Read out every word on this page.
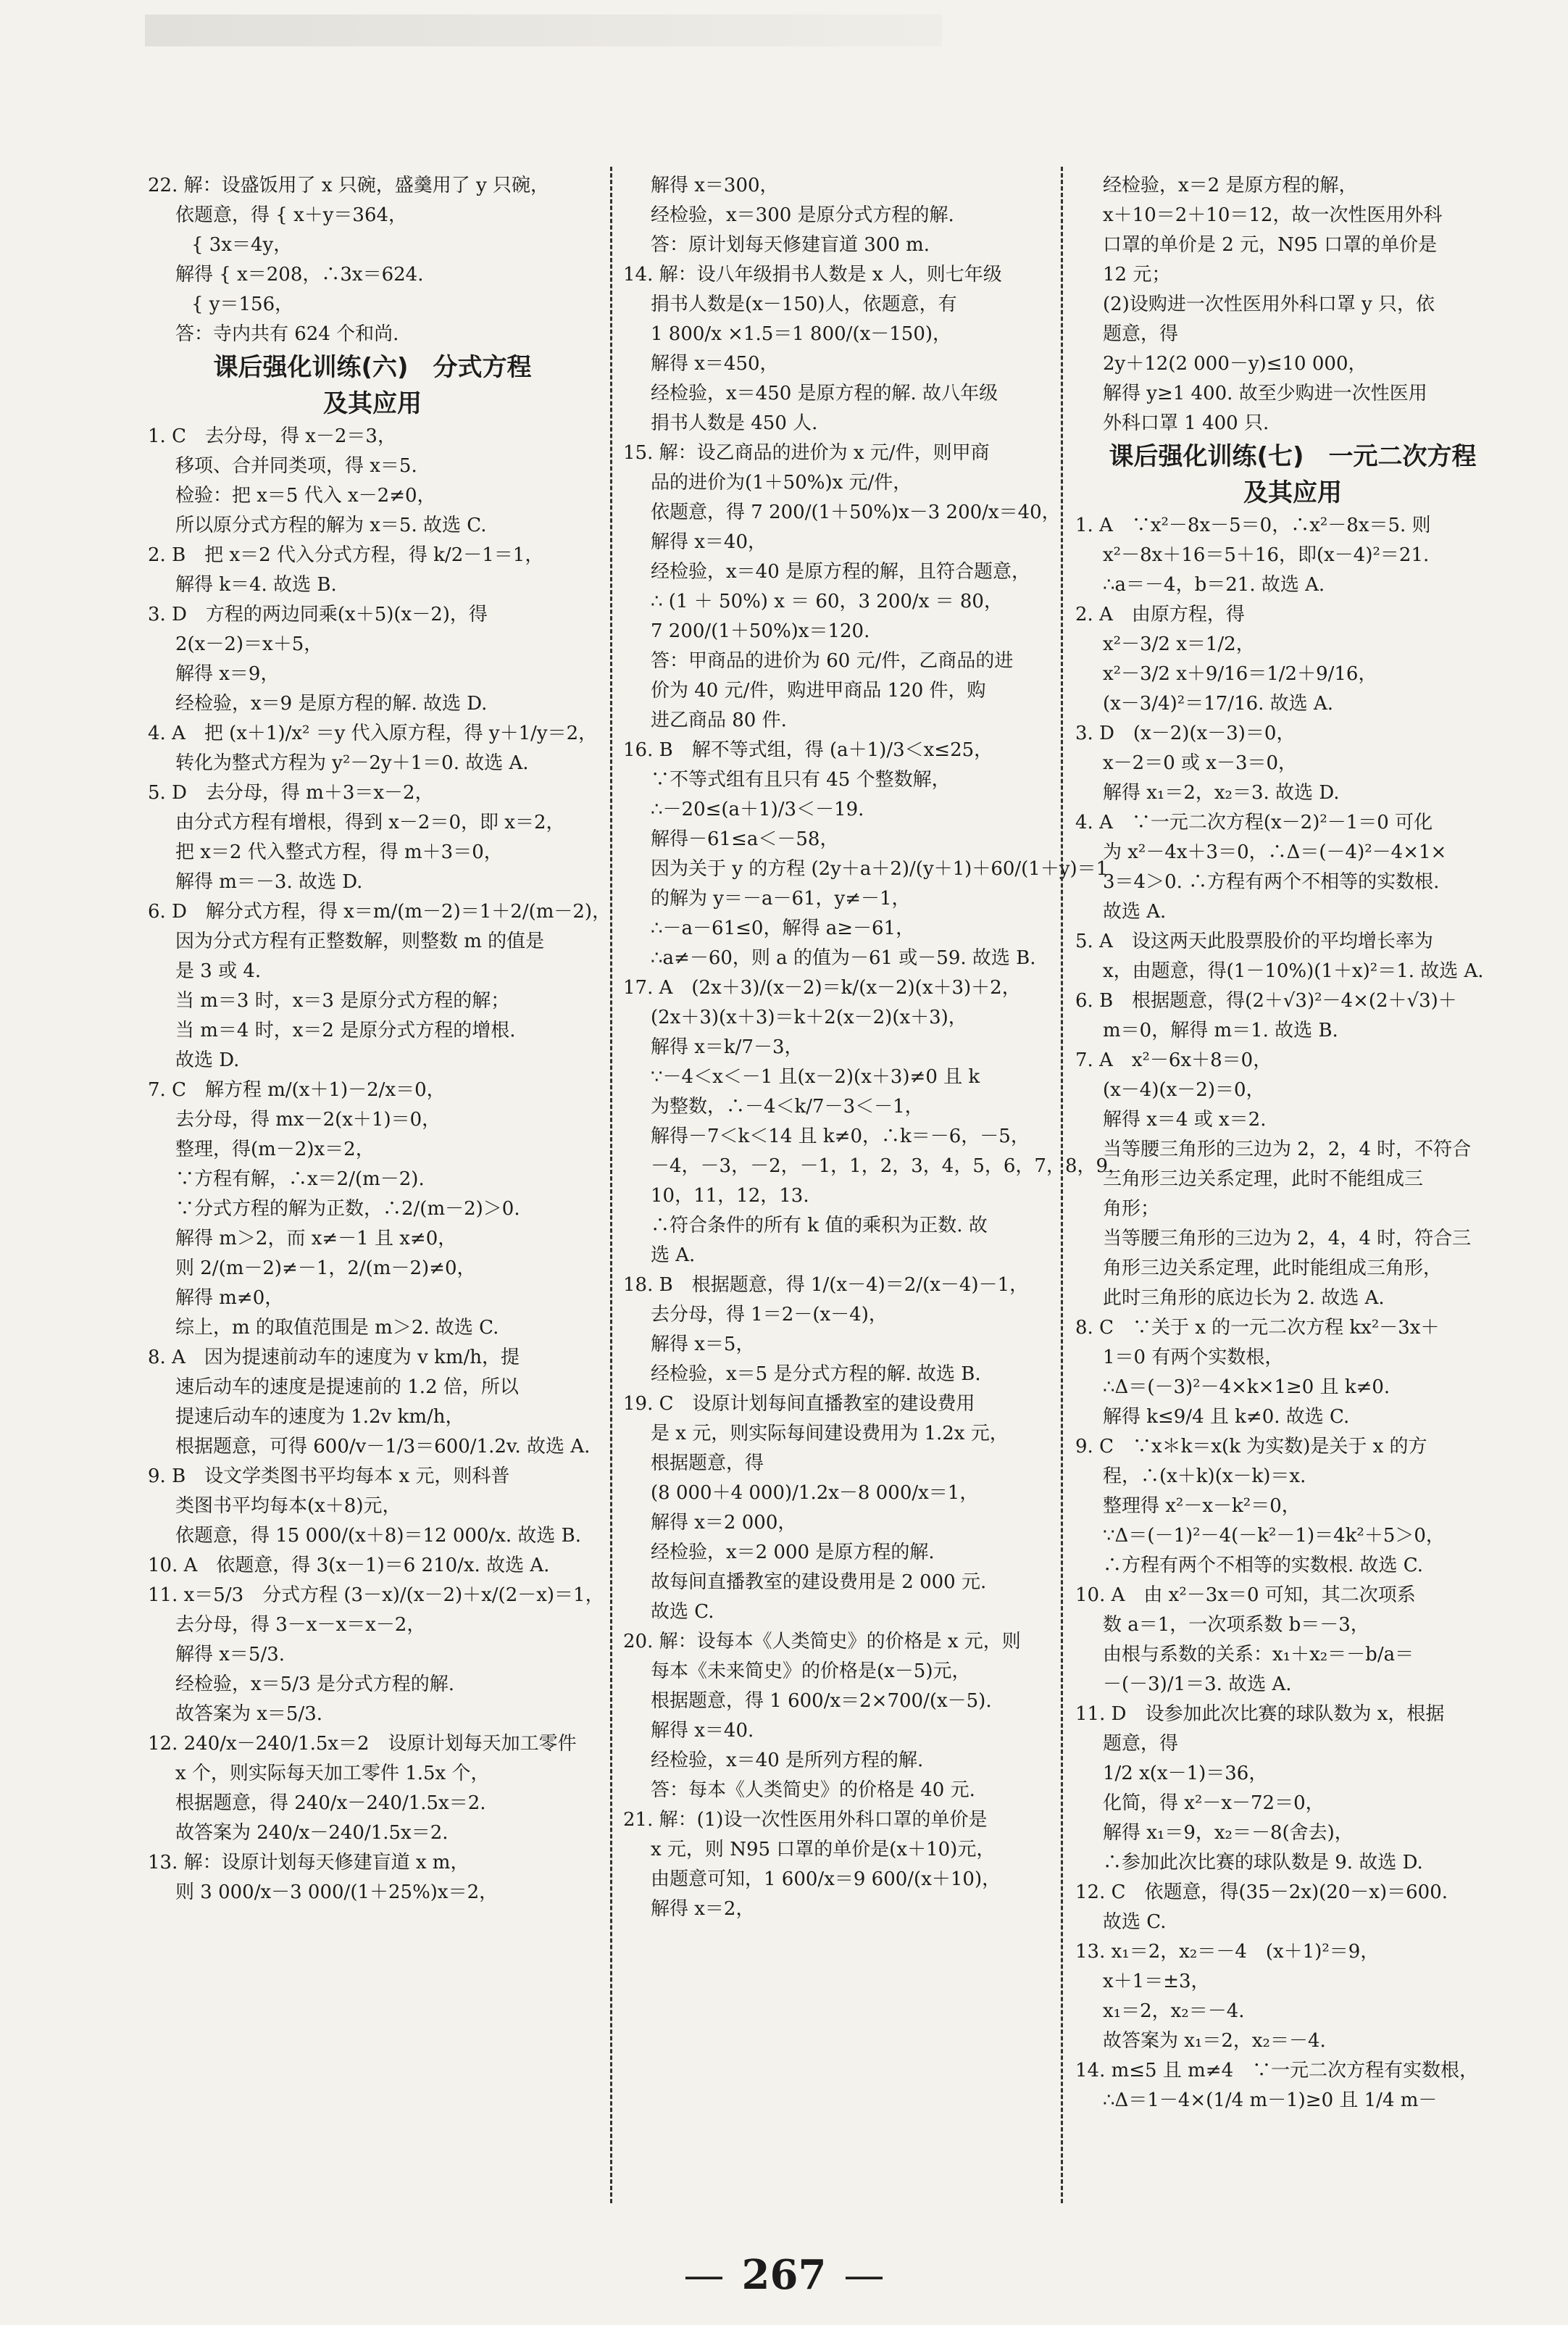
22. 解：设盛饭用了 x 只碗，盛羹用了 y 只碗，
依题意，得 { x＋y＝364，
{ 3x＝4y，
解得 { x＝208，∴3x＝624.
{ y＝156，
答：寺内共有 624 个和尚.
课后强化训练(六)　分式方程
及其应用
1. C　去分母，得 x－2＝3，
移项、合并同类项，得 x＝5.
检验：把 x＝5 代入 x－2≠0，
所以原分式方程的解为 x＝5. 故选 C.
2. B　把 x＝2 代入分式方程，得 k/2－1＝1，
解得 k＝4. 故选 B.
3. D　方程的两边同乘(x＋5)(x－2)，得
2(x－2)＝x＋5，
解得 x＝9，
经检验，x＝9 是原方程的解. 故选 D.
4. A　把 (x＋1)/x² ＝y 代入原方程，得 y＋1/y＝2，
转化为整式方程为 y²－2y＋1＝0. 故选 A.
5. D　去分母，得 m＋3＝x－2，
由分式方程有增根，得到 x－2＝0，即 x＝2，
把 x＝2 代入整式方程，得 m＋3＝0，
解得 m＝－3. 故选 D.
6. D　解分式方程，得 x＝m/(m－2)＝1＋2/(m－2)，
因为分式方程有正整数解，则整数 m 的值是
是 3 或 4.
当 m＝3 时，x＝3 是原分式方程的解；
当 m＝4 时，x＝2 是原分式方程的增根.
故选 D.
7. C　解方程 m/(x＋1)－2/x＝0，
去分母，得 mx－2(x＋1)＝0，
整理，得(m－2)x＝2，
∵方程有解，∴x＝2/(m－2).
∵分式方程的解为正数，∴2/(m－2)＞0.
解得 m＞2，而 x≠－1 且 x≠0，
则 2/(m－2)≠－1，2/(m－2)≠0，
解得 m≠0，
综上，m 的取值范围是 m＞2. 故选 C.
8. A　因为提速前动车的速度为 v km/h，提
速后动车的速度是提速前的 1.2 倍，所以
提速后动车的速度为 1.2v km/h，
根据题意，可得 600/v－1/3＝600/1.2v. 故选 A.
9. B　设文学类图书平均每本 x 元，则科普
类图书平均每本(x＋8)元，
依题意，得 15 000/(x＋8)＝12 000/x. 故选 B.
10. A　依题意，得 3(x－1)＝6 210/x. 故选 A.
11. x＝5/3　分式方程 (3－x)/(x－2)＋x/(2－x)＝1，
去分母，得 3－x－x＝x－2，
解得 x＝5/3.
经检验，x＝5/3 是分式方程的解.
故答案为 x＝5/3.
12. 240/x－240/1.5x＝2　设原计划每天加工零件
x 个，则实际每天加工零件 1.5x 个，
根据题意，得 240/x－240/1.5x＝2.
故答案为 240/x－240/1.5x＝2.
13. 解：设原计划每天修建盲道 x m，
则 3 000/x－3 000/(1＋25%)x＝2，
解得 x＝300，
经检验，x＝300 是原分式方程的解.
答：原计划每天修建盲道 300 m.
14. 解：设八年级捐书人数是 x 人，则七年级
捐书人数是(x－150)人，依题意，有
1 800/x ×1.5＝1 800/(x－150)，
解得 x＝450，
经检验，x＝450 是原方程的解. 故八年级
捐书人数是 450 人.
15. 解：设乙商品的进价为 x 元/件，则甲商
品的进价为(1＋50%)x 元/件，
依题意，得 7 200/(1＋50%)x－3 200/x＝40，
解得 x＝40，
经检验，x＝40 是原方程的解，且符合题意，
∴ (1 ＋ 50%) x ＝ 60，3 200/x ＝ 80，
7 200/(1＋50%)x＝120.
答：甲商品的进价为 60 元/件，乙商品的进
价为 40 元/件，购进甲商品 120 件，购
进乙商品 80 件.
16. B　解不等式组，得 (a＋1)/3＜x≤25，
∵不等式组有且只有 45 个整数解，
∴－20≤(a＋1)/3＜－19.
解得－61≤a＜－58，
因为关于 y 的方程 (2y＋a＋2)/(y＋1)＋60/(1＋y)＝1
的解为 y＝－a－61，y≠－1，
∴－a－61≤0，解得 a≥－61，
∴a≠－60，则 a 的值为－61 或－59. 故选 B.
17. A　(2x＋3)/(x－2)＝k/(x－2)(x＋3)＋2，
(2x＋3)(x＋3)＝k＋2(x－2)(x＋3)，
解得 x＝k/7－3，
∵－4＜x＜－1 且(x－2)(x＋3)≠0 且 k
为整数，∴－4＜k/7－3＜－1，
解得－7＜k＜14 且 k≠0，∴k＝－6，－5，
－4，－3，－2，－1，1，2，3，4，5，6，7，8，9，
10，11，12，13.
∴符合条件的所有 k 值的乘积为正数. 故
选 A.
18. B　根据题意，得 1/(x－4)＝2/(x－4)－1，
去分母，得 1＝2－(x－4)，
解得 x＝5，
经检验，x＝5 是分式方程的解. 故选 B.
19. C　设原计划每间直播教室的建设费用
是 x 元，则实际每间建设费用为 1.2x 元，
根据题意，得
(8 000＋4 000)/1.2x－8 000/x＝1，
解得 x＝2 000，
经检验，x＝2 000 是原方程的解.
故每间直播教室的建设费用是 2 000 元.
故选 C.
20. 解：设每本《人类简史》的价格是 x 元，则
每本《未来简史》的价格是(x－5)元，
根据题意，得 1 600/x＝2×700/(x－5).
解得 x＝40.
经检验，x＝40 是所列方程的解.
答：每本《人类简史》的价格是 40 元.
21. 解：(1)设一次性医用外科口罩的单价是
x 元，则 N95 口罩的单价是(x＋10)元，
由题意可知，1 600/x＝9 600/(x＋10)，
解得 x＝2，
经检验，x＝2 是原方程的解，
x＋10＝2＋10＝12，故一次性医用外科
口罩的单价是 2 元，N95 口罩的单价是
12 元；
(2)设购进一次性医用外科口罩 y 只，依
题意，得
2y＋12(2 000－y)≤10 000，
解得 y≥1 400. 故至少购进一次性医用
外科口罩 1 400 只.
课后强化训练(七)　一元二次方程
及其应用
1. A　∵x²－8x－5＝0，∴x²－8x＝5. 则
x²－8x＋16＝5＋16，即(x－4)²＝21.
∴a＝－4，b＝21. 故选 A.
2. A　由原方程，得
x²－3/2 x＝1/2，
x²－3/2 x＋9/16＝1/2＋9/16，
(x－3/4)²＝17/16. 故选 A.
3. D　(x－2)(x－3)＝0，
x－2＝0 或 x－3＝0，
解得 x₁＝2，x₂＝3. 故选 D.
4. A　∵一元二次方程(x－2)²－1＝0 可化
为 x²－4x＋3＝0，∴Δ＝(－4)²－4×1×
3＝4＞0. ∴方程有两个不相等的实数根.
故选 A.
5. A　设这两天此股票股价的平均增长率为
x，由题意，得(1－10%)(1＋x)²＝1. 故选 A.
6. B　根据题意，得(2＋√3)²－4×(2＋√3)＋
m＝0，解得 m＝1. 故选 B.
7. A　x²－6x＋8＝0，
(x－4)(x－2)＝0，
解得 x＝4 或 x＝2.
当等腰三角形的三边为 2，2，4 时，不符合
三角形三边关系定理，此时不能组成三
角形；
当等腰三角形的三边为 2，4，4 时，符合三
角形三边关系定理，此时能组成三角形，
此时三角形的底边长为 2. 故选 A.
8. C　∵关于 x 的一元二次方程 kx²－3x＋
1＝0 有两个实数根，
∴Δ＝(－3)²－4×k×1≥0 且 k≠0.
解得 k≤9/4 且 k≠0. 故选 C.
9. C　∵x＊k＝x(k 为实数)是关于 x 的方
程，∴(x＋k)(x－k)＝x.
整理得 x²－x－k²＝0，
∵Δ＝(－1)²－4(－k²－1)＝4k²＋5＞0，
∴方程有两个不相等的实数根. 故选 C.
10. A　由 x²－3x＝0 可知，其二次项系
数 a＝1，一次项系数 b＝－3，
由根与系数的关系：x₁＋x₂＝－b/a＝
－(－3)/1＝3. 故选 A.
11. D　设参加此次比赛的球队数为 x，根据
题意，得
1/2 x(x－1)＝36，
化简，得 x²－x－72＝0，
解得 x₁＝9，x₂＝－8(舍去)，
∴参加此次比赛的球队数是 9. 故选 D.
12. C　依题意，得(35－2x)(20－x)＝600.
故选 C.
13. x₁＝2，x₂＝－4　(x＋1)²＝9，
x＋1＝±3，
x₁＝2，x₂＝－4.
故答案为 x₁＝2，x₂＝－4.
14. m≤5 且 m≠4　∵一元二次方程有实数根，
∴Δ＝1－4×(1/4 m－1)≥0 且 1/4 m－
— 267 —
